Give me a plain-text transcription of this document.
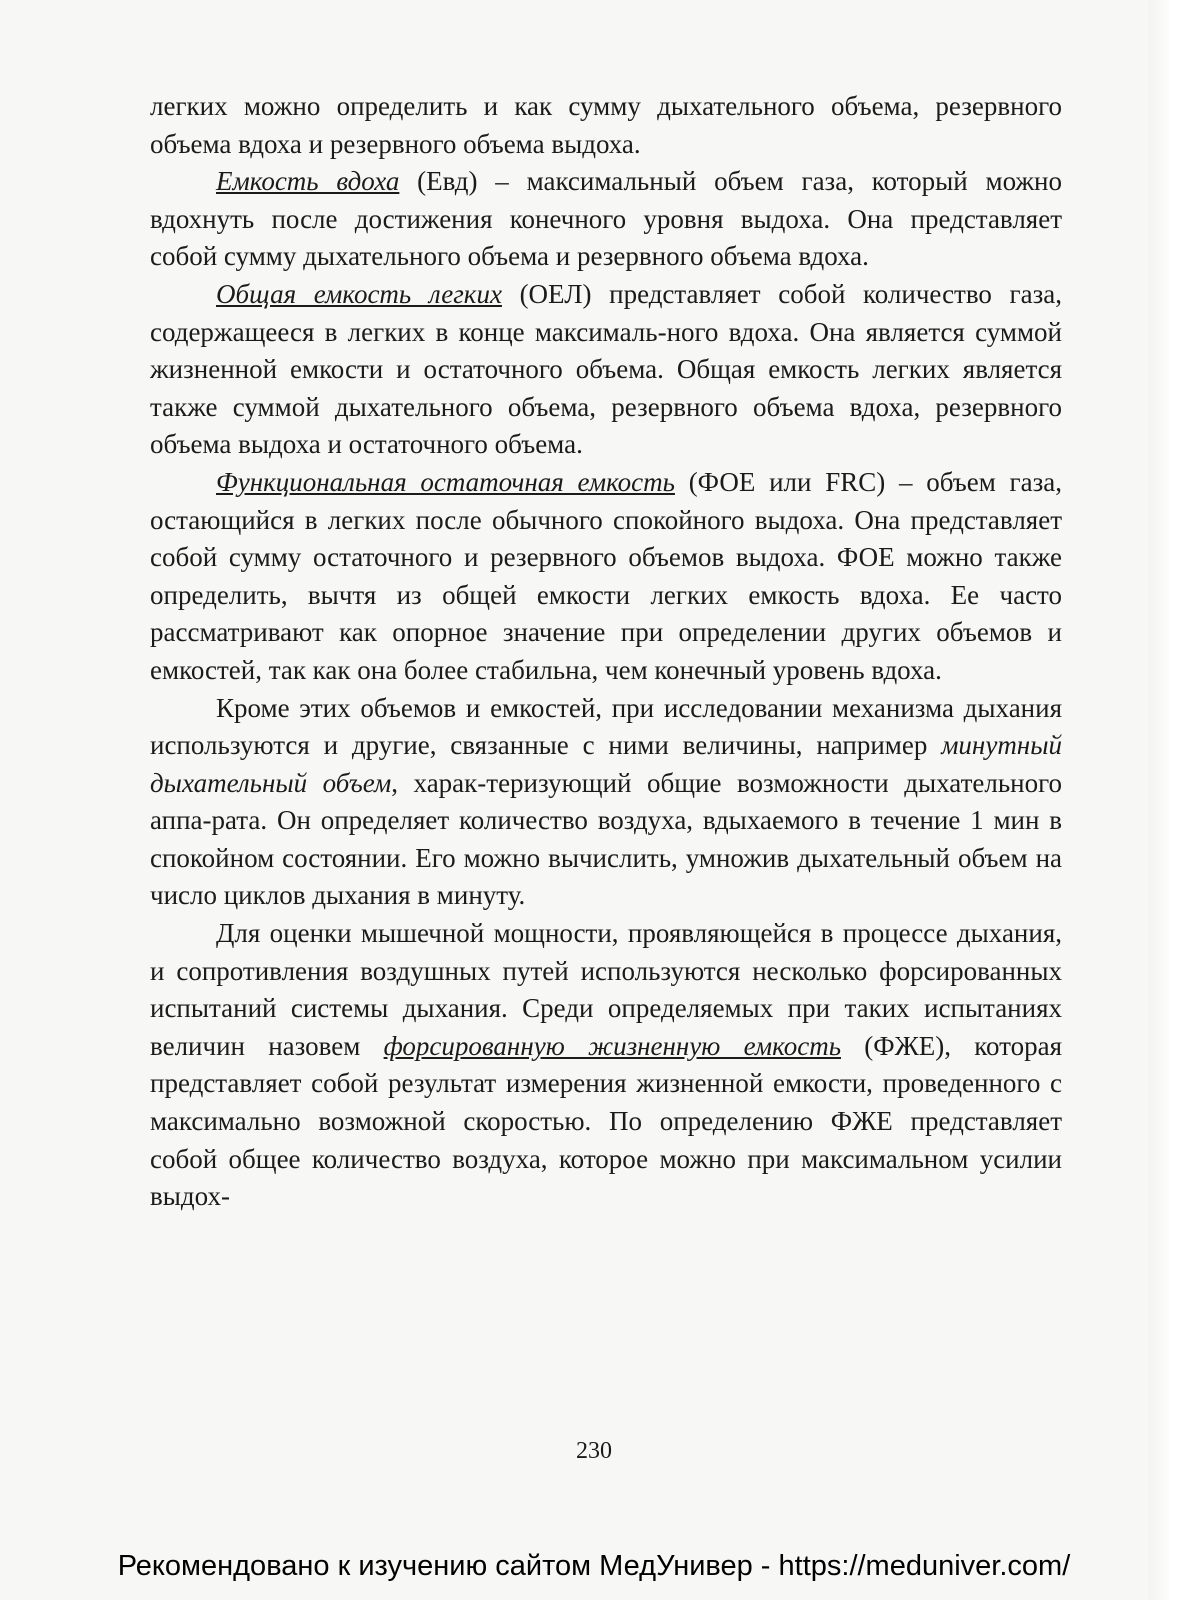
легких можно определить и как сумму дыхательного объема, резервного объема вдоха и резервного объема выдоха.

Емкость вдоха (Евд) – максимальный объем газа, который можно вдохнуть после достижения конечного уровня выдоха. Она представляет собой сумму дыхательного объема и резервного объема вдоха.

Общая емкость легких (ОЕЛ) представляет собой количество газа, содержащееся в легких в конце максималь-ного вдоха. Она является суммой жизненной емкости и остаточного объема. Общая емкость легких является также суммой дыхательного объема, резервного объема вдоха, резервного объема выдоха и остаточного объема.

Функциональная остаточная емкость (ФОЕ или FRC) – объем газа, остающийся в легких после обычного спокойного выдоха. Она представляет собой сумму остаточного и резервного объемов выдоха. ФОЕ можно также определить, вычтя из общей емкости легких емкость вдоха. Ее часто рассматривают как опорное значение при определении других объемов и емкостей, так как она более стабильна, чем конечный уровень вдоха.

Кроме этих объемов и емкостей, при исследовании механизма дыхания используются и другие, связанные с ними величины, например минутный дыхательный объем, харак-теризующий общие возможности дыхательного аппа-рата. Он определяет количество воздуха, вдыхаемого в течение 1 мин в спокойном состоянии. Его можно вычислить, умножив дыхательный объем на число циклов дыхания в минуту.

Для оценки мышечной мощности, проявляющейся в процессе дыхания, и сопротивления воздушных путей используются несколько форсированных испытаний системы дыхания. Среди определяемых при таких испытаниях величин назовем форсированную жизненную емкость (ФЖЕ), которая представляет собой результат измерения жизненной емкости, проведенного с максимально возможной скоростью. По определению ФЖЕ представляет собой общее количество воздуха, которое можно при максимальном усилии выдох-

230
Рекомендовано к изучению сайтом МедУнивер - https://meduniver.com/
